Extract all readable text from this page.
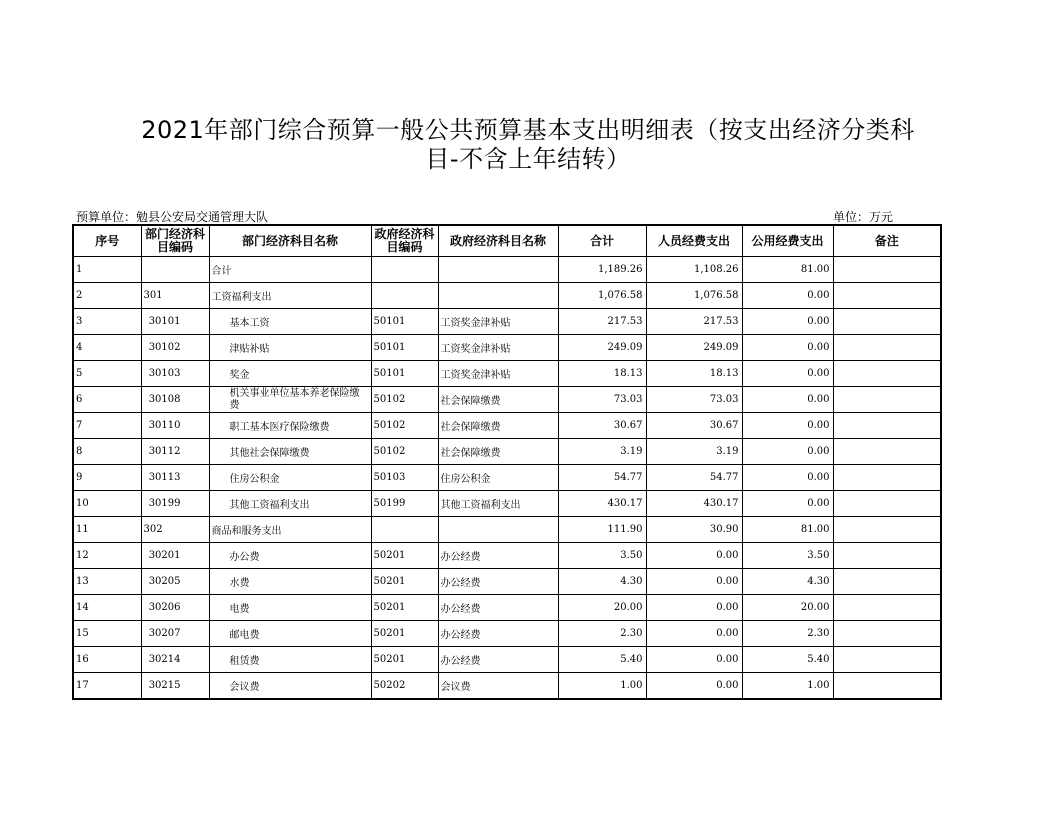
2021年部门综合预算一般公共预算基本支出明细表（按支出经济分类科
目-不含上年结转）
预算单位：勉县公安局交通管理大队	单位：万元
序号	部门经济科目编码	部门经济科目名称	政府经济科目编码	政府经济科目名称	合计	人员经费支出	公用经费支出	备注
1		合计			1,189.26	1,108.26	81.00	
2	301	工资福利支出			1,076.58	1,076.58	0.00	
3	30101	基本工资	50101	工资奖金津补贴	217.53	217.53	0.00	
4	30102	津贴补贴	50101	工资奖金津补贴	249.09	249.09	0.00	
5	30103	奖金	50101	工资奖金津补贴	18.13	18.13	0.00	
6	30108	机关事业单位基本养老保险缴费	50102	社会保障缴费	73.03	73.03	0.00	
7	30110	职工基本医疗保险缴费	50102	社会保障缴费	30.67	30.67	0.00	
8	30112	其他社会保障缴费	50102	社会保障缴费	3.19	3.19	0.00	
9	30113	住房公积金	50103	住房公积金	54.77	54.77	0.00	
10	30199	其他工资福利支出	50199	其他工资福利支出	430.17	430.17	0.00	
11	302	商品和服务支出			111.90	30.90	81.00	
12	30201	办公费	50201	办公经费	3.50	0.00	3.50	
13	30205	水费	50201	办公经费	4.30	0.00	4.30	
14	30206	电费	50201	办公经费	20.00	0.00	20.00	
15	30207	邮电费	50201	办公经费	2.30	0.00	2.30	
16	30214	租赁费	50201	办公经费	5.40	0.00	5.40	
17	30215	会议费	50202	会议费	1.00	0.00	1.00	
